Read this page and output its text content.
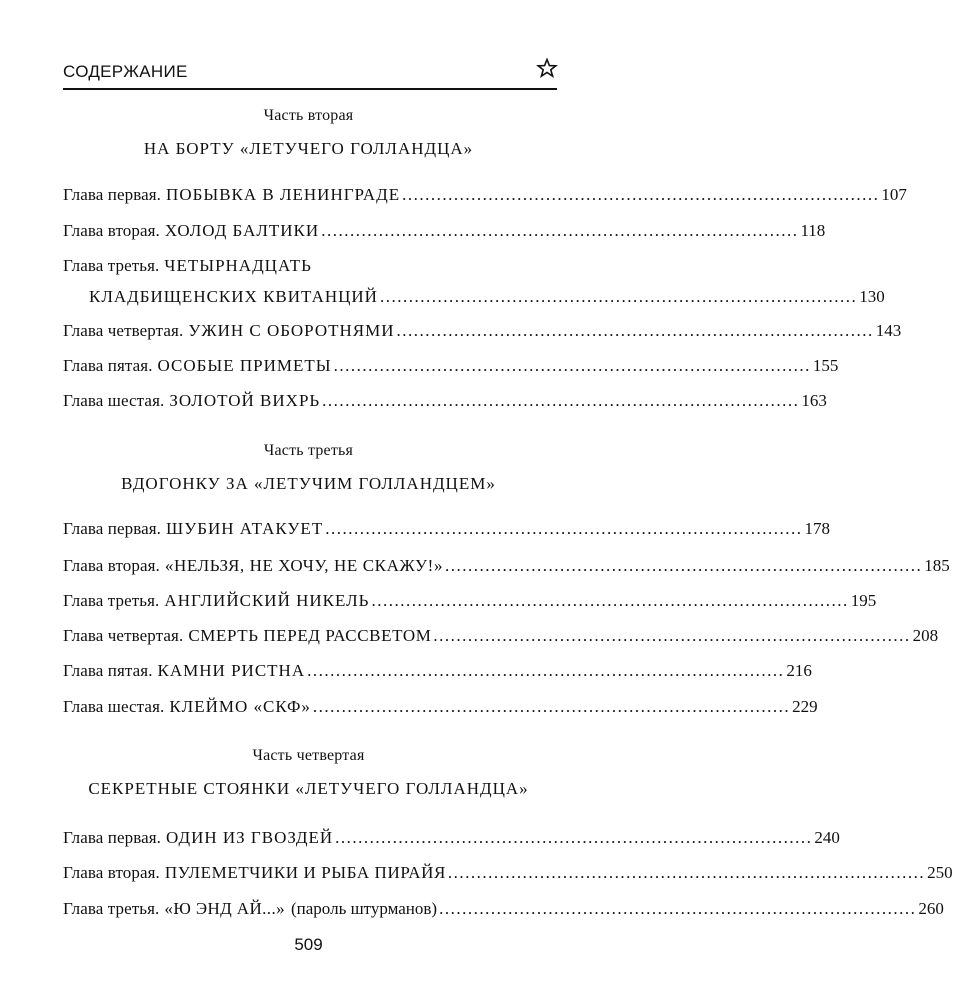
СОДЕРЖАНИЕ
Часть вторая
НА БОРТУ «ЛЕТУЧЕГО ГОЛЛАНДЦА»
Глава первая. ПОБЫВКА В ЛЕНИНГРАДЕ ................................................................................... 107
Глава вторая. ХОЛОД БАЛТИКИ ................................................................................... 118
Глава третья. ЧЕТЫРНАДЦАТЬ
КЛАДБИЩЕНСКИХ КВИТАНЦИЙ ................................................................................... 130
Глава четвертая. УЖИН С ОБОРОТНЯМИ ................................................................................... 143
Глава пятая. ОСОБЫЕ ПРИМЕТЫ ................................................................................... 155
Глава шестая. ЗОЛОТОЙ ВИХРЬ ................................................................................... 163
Часть третья
ВДОГОНКУ ЗА «ЛЕТУЧИМ ГОЛЛАНДЦЕМ»
Глава первая. ШУБИН АТАКУЕТ ................................................................................... 178
Глава вторая. «НЕЛЬЗЯ, НЕ ХОЧУ, НЕ СКАЖУ!» ................................................................................... 185
Глава третья. АНГЛИЙСКИЙ НИКЕЛЬ ................................................................................... 195
Глава четвертая. СМЕРТЬ ПЕРЕД РАССВЕТОМ ................................................................................... 208
Глава пятая. КАМНИ РИСТНА ................................................................................... 216
Глава шестая. КЛЕЙМО «СКФ» ................................................................................... 229
Часть четвертая
СЕКРЕТНЫЕ СТОЯНКИ «ЛЕТУЧЕГО ГОЛЛАНДЦА»
Глава первая. ОДИН ИЗ ГВОЗДЕЙ ................................................................................... 240
Глава вторая. ПУЛЕМЕТЧИКИ И РЫБА ПИРАЙЯ ................................................................................... 250
Глава третья. «Ю ЭНД АЙ...» (пароль штурманов) ................................................................................... 260
509
